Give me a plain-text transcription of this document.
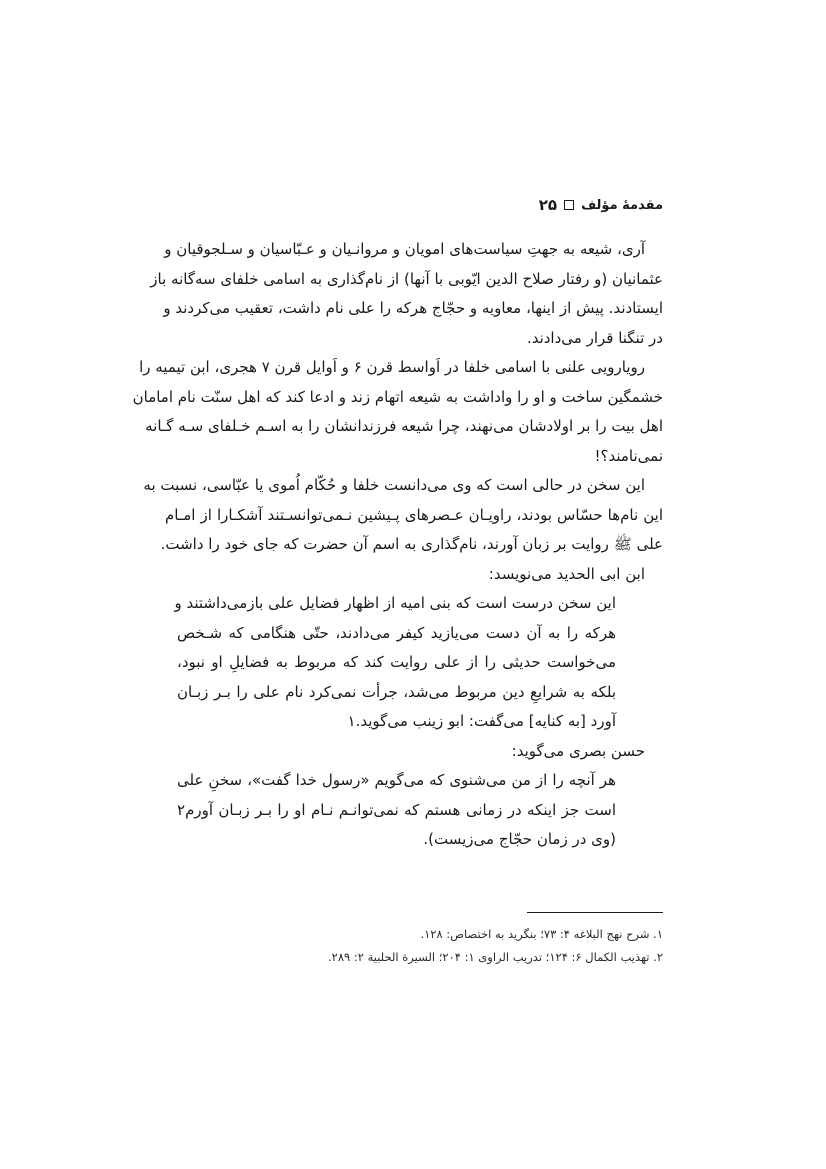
مقدمهٔ مؤلف
۲۵
آری، شیعه به جهتِ سیاست‌های امویان و مروانـیان و عـبّاسیان و سـلجوقیان و
عثمانیان (و رفتار صلاح الدین ایّوبی با آنها) از نام‌گذاری به اسامی خلفای سه‌گانه باز
ایستادند. پیش از اینها، معاویه و حجّاج هرکه را علی نام داشت، تعقیب می‌کردند و
در تنگنا قرار می‌دادند.
رویارویی علنی با اسامی خلفا در اَواسط قرن ۶ و اَوایل قرن ۷ هجری، ابن تیمیه را
خشمگین ساخت و او را واداشت به شیعه اتهام زند و ادعا کند که اهل سنّت نام امامان
اهل بیت را بر اولادشان می‌نهند، چرا شیعه فرزندانشان را به اسـم خـلفای سـه گـانه
نمی‌نامند؟!
این سخن در حالی است که وی می‌دانست خلفا و حُکّام اُموی یا عبّاسی، نسبت به
این نام‌ها حسّاس بودند، راویـان عـصرهای پـیشین نـمی‌توانسـتند آشکـارا از امـام
علی ﷺ روایت بر زبان آورند، نام‌گذاری به اسم آن حضرت که جای خود را داشت.
ابن ابی الحدید می‌نویسد:
این سخن درست است که بنی امیه از اظهار فضایل علی بازمی‌داشتند و
هرکه را به آن دست می‌یازید کیفر می‌دادند، حتّی هنگامی که شـخص
می‌خواست حدیثی را از علی روایت کند که مربوط به فضایلِ او نبود،
بلکه به شرایعِ دین مربوط می‌شد، جرأت نمی‌کرد نام علی را بـر زبـان
آورد [به کنایه] می‌گفت: ابو زینب می‌گوید.۱
حسن بصری می‌گوید:
هر آنچه را از من می‌شنوی که می‌گویم «رسول خدا گفت»، سخنِ علی
است جز اینکه در زمانی هستم که نمی‌توانـم نـام او را بـر زبـان آورم۲
(وی در زمان حجّاج می‌زیست).
۱. شرح نهج البلاغه ۴: ۷۳؛ بنگرید به اختصاص: ۱۲۸.
۲. تهذیب الکمال ۶: ۱۲۴؛ تدریب الراوی ۱: ۲۰۴؛ السیرة الحلبیة ۲: ۲۸۹.
